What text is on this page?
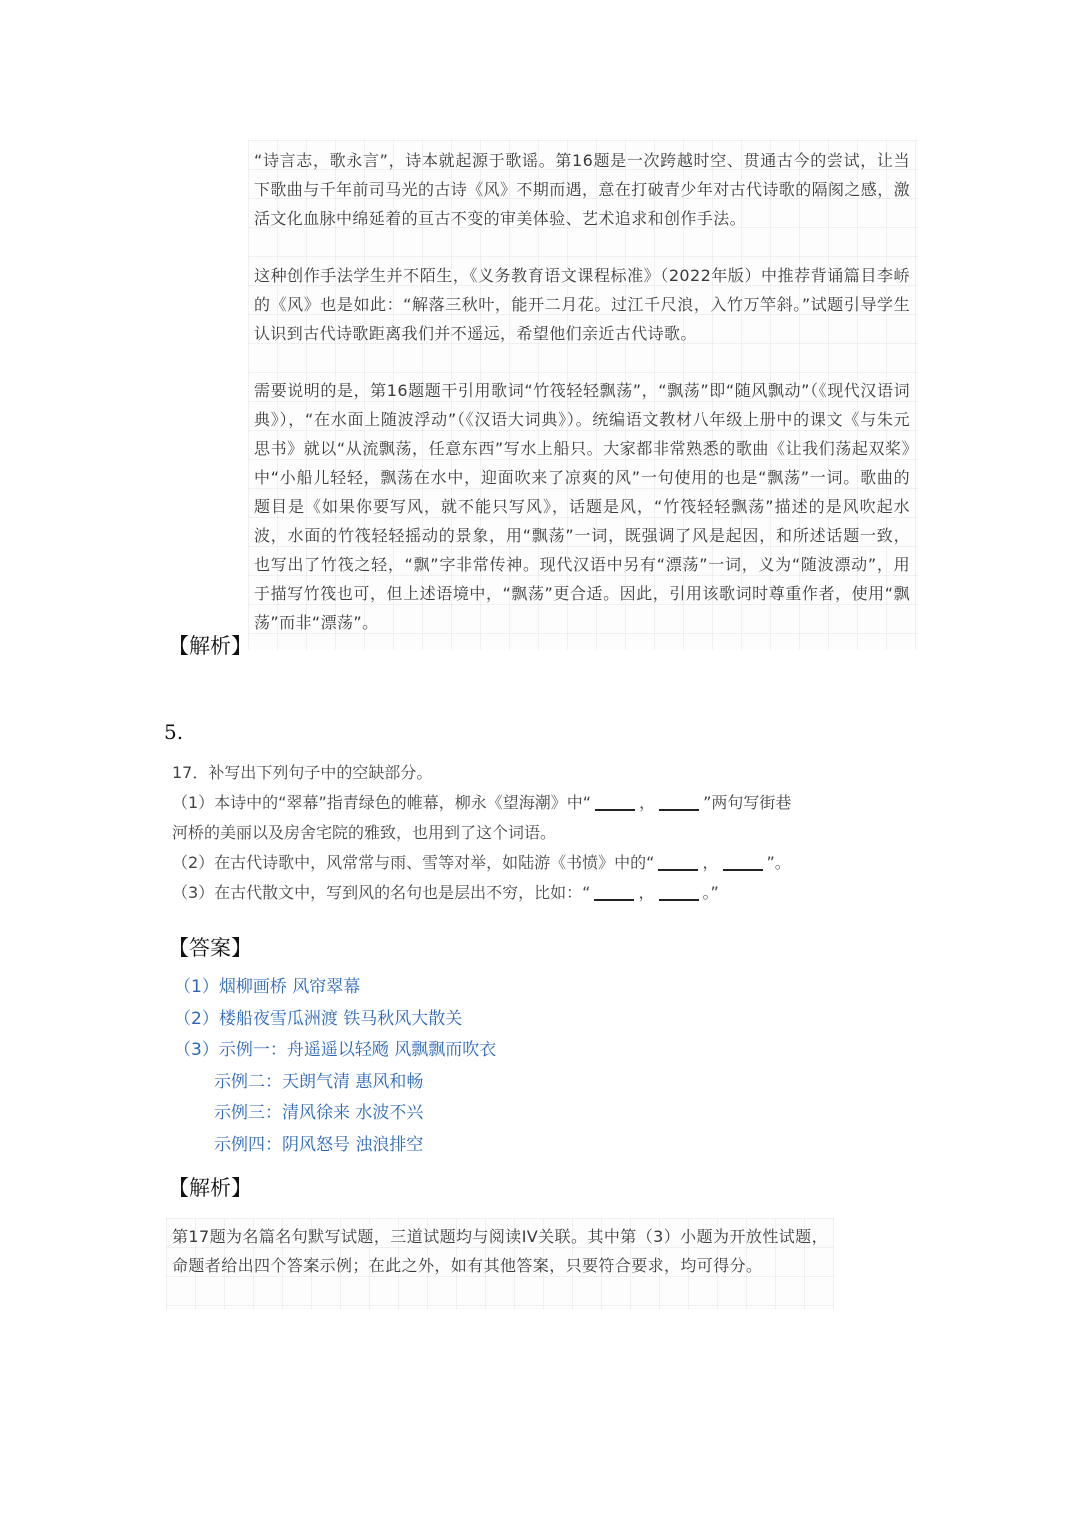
“诗言志，歌永言”，诗本就起源于歌谣。第16题是一次跨越时空、贯通古今的尝试，让当下歌曲与千年前司马光的古诗《风》不期而遇，意在打破青少年对古代诗歌的隔阂之感，激活文化血脉中绵延着的亘古不变的审美体验、艺术追求和创作手法。

这种创作手法学生并不陌生，《义务教育语文课程标准》（2022年版）中推荐背诵篇目李峤的《风》也是如此：“解落三秋叶，能开二月花。过江千尺浪，入竹万竿斜。”试题引导学生认识到古代诗歌距离我们并不遥远，希望他们亲近古代诗歌。

需要说明的是，第16题题干引用歌词“竹筏轻轻飘荡”，“飘荡”即“随风飘动”（《现代汉语词典》），“在水面上随波浮动”（《汉语大词典》）。统编语文教材八年级上册中的课文《与朱元思书》就以“从流飘荡，任意东西”写水上船只。大家都非常熟悉的歌曲《让我们荡起双桨》中“小船儿轻轻，飘荡在水中，迎面吹来了凉爽的风”一句使用的也是“飘荡”一词。歌曲的题目是《如果你要写风，就不能只写风》，话题是风，“竹筏轻轻飘荡”描述的是风吹起水波，水面的竹筏轻轻摇动的景象，用“飘荡”一词，既强调了风是起因，和所述话题一致，也写出了竹筏之轻，“飘”字非常传神。现代汉语中另有“漂荡”一词，义为“随波漂动”，用于描写竹筏也可，但上述语境中，“飘荡”更合适。因此，引用该歌词时尊重作者，使用“飘荡”而非“漂荡”。

【解析】

5.

17．补写出下列句子中的空缺部分。

（1）本诗中的“翠幕”指青绿色的帷幕，柳永《望海潮》中“	，	”两句写街巷

河桥的美丽以及房舍宅院的雅致，也用到了这个词语。

（2）在古代诗歌中，风常常与雨、雪等对举，如陆游《书愤》中的“	，	”。

（3）在古代散文中，写到风的名句也是层出不穷，比如：“	，	。”

【答案】

（1）烟柳画桥 风帘翠幕

（2）楼船夜雪瓜洲渡 铁马秋风大散关

（3）示例一：舟遥遥以轻飏 风飘飘而吹衣

示例二：天朗气清 惠风和畅

示例三：清风徐来 水波不兴

示例四：阴风怒号 浊浪排空

【解析】

第17题为名篇名句默写试题，三道试题均与阅读IV关联。其中第（3）小题为开放性试题，命题者给出四个答案示例；在此之外，如有其他答案，只要符合要求，均可得分。
